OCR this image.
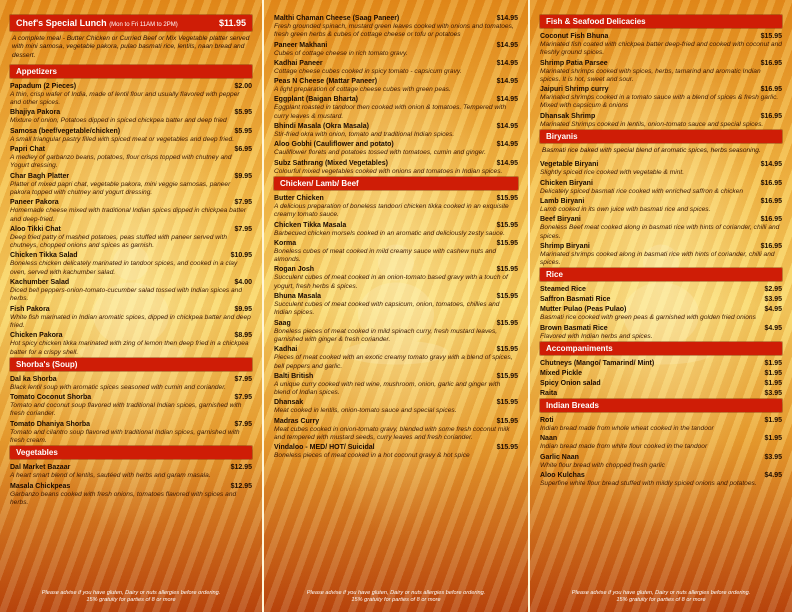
Chef's Special Lunch (Mon to Fri 11AM to 2PM)	$11.95
A complete meal - Butter Chicken or Curried Beef or Mix Vegetable platter served with mini samosa, vegetable pakora, pulao basmati rice, lentils, naan bread and dessert.
Appetizers
Papadum (2 Pieces)	$2.00
A thin, crisp wafer of India, made of lentil flour and usually flavored with pepper and other spices.
Bhajiya Pakora	$5.95
Mixture of onion, Potatoes dipped in spiced chickpea batter and deep fried
Samosa (beef/vegetable/chicken)	$5.95
A small triangular pastry filled with spiced meat or vegetables and deep fried.
Papri Chat	$6.95
A medley of garbanzo beans, potatoes, flour crisps topped with chutney and Yogurt dressing.
Char Bagh Platter	$9.95
Platter of mixed papri chat, vegetable pakora, mini veggie samosas, paneer pakora topped with chutney and yogurt dressing.
Paneer Pakora	$7.95
Homemade cheese mixed with traditional Indian spices dipped in chickpea batter and deep-fried.
Aloo Tikki Chat	$7.95
Deep fried patty of mashed potatoes, peas stuffed with paneer served with chutneys, chopped onions and spices as garnish.
Chicken Tikka Salad	$10.95
Boneless chicken delicately marinated in tandoor spices, and cooked in a clay oven, served with kachumber salad.
Kachumber Salad	$4.00
Diced bell peppers-onion-tomato-cucumber salad tossed with Indian spices and herbs.
Fish Pakora	$9.95
White fish marinated in Indian aromatic spices, dipped in chickpea batter and deep fried.
Chicken Pakora	$8.95
Hot spicy chicken tikka marinated with zing of lemon then deep fried in a chickpea batter for a crispy shell.
Shorba's (Soup)
Dal ka Shorba	$7.95
Black lentil soup with aromatic spices seasoned with cumin and coriander.
Tomato Coconut Shorba	$7.95
Tomato and coconut soup flavored with traditional Indian spices, garnished with fresh coriander.
Tomato Dhaniya Shorba	$7.95
Tomato and cilantro soup flavored with traditional Indian spices, garnished with fresh cream.
Vegetables
Dal Market Bazaar	$12.95
A heart smart blend of lentils, sautéed with herbs and garam masala.
Masala Chickpeas	$12.95
Garbanzo beans cooked with fresh onions, tomatoes flavored with spices and herbs.
Please advise if you have gluten, Dairy or nuts allergies before ordering.
15% gratuity for parties of 8 or more
Malthi Chaman Cheese (Saag Paneer)	$14.95
Fresh grounded spinach, mustard green leaves cooked with onions and tomatoes, fresh green herbs & cubes of cottage cheese or tofu or potatoes
Paneer Makhani	$14.95
Cubes of cottage cheese in rich tomato gravy.
Kadhai Paneer	$14.95
Cottage cheese cubes cooked in spicy tomato - capsicum gravy.
Peas N Cheese (Mattar Paneer)	$14.95
A light preparation of cottage cheese cubes with green peas.
Eggplant (Baigan Bharta)	$14.95
Eggplant roasted in tandoor then cooked with onion & tomatoes. Tempered with curry leaves & mustard.
Bhindi Masala (Okra Masala)	$14.95
Stir-fried okra with onion, tomato and traditional Indian spices.
Aloo Gobhi (Cauliflower and potato)	$14.95
Cauliflower florets and potatoes tossed with tomatoes, cumin and ginger.
Subz Sathrang (Mixed Vegetables)	$14.95
Colourful mixed vegetables cooked with onions and tomatoes in Indian spices.
Chicken/ Lamb/ Beef
Butter Chicken	$15.95
A delicious preparation of boneless tandoori chicken tikka cooked in an exquisite creamy tomato sauce.
Chicken Tikka Masala	$15.95
Barbecued chicken morsels cooked in an aromatic and deliciously zesty sauce.
Korma	$15.95
Boneless cubes of meat cooked in mild creamy sauce with cashew nuts and almonds.
Rogan Josh	$15.95
Succulent cubes of meat cooked in an onion-tomato based gravy with a touch of yogurt, fresh herbs & spices.
Bhuna Masala	$15.95
Succulent cubes of meat cooked with capsicum, onion, tomatoes, chillies and Indian spices.
Saag	$15.95
Boneless pieces of meat cooked in mild spinach curry, fresh mustard leaves, garnished with ginger & fresh coriander.
Kadhai	$15.95
Pieces of meat cooked with an exotic creamy tomato gravy with a blend of spices, bell peppers and garlic.
Balti British	$15.95
A unique curry cooked with red wine, mushroom, onion, garlic and ginger with blend of Indian spices.
Dhansak	$15.95
Meat cooked in lentils, onion-tomato sauce and special spices.
Madras Curry	$15.95
Meat cubes cooked in onion-tomato gravy, blended with some fresh coconut milk and tempered with mustard seeds, curry leaves and fresh coriander.
Vindaloo - MED/ HOT/ Suicidal	$15.95
Boneless pieces of meat cooked in a hot coconut gravy & hot spice
Please advise if you have gluten, Dairy or nuts allergies before ordering.
15% gratuity for parties of 8 or more
Fish & Seafood Delicacies
Coconut Fish Bhuna	$15.95
Marinated fish coated with chickpea batter deep-fried and cooked with coconut and freshly ground spices.
Shrimp Patia Parsee	$16.95
Marinated shrimps cooked with spices, herbs, tamarind and aromatic Indian spices. It is hot, sweet and sour.
Jaipuri Shrimp curry	$16.95
Marinated shrimps cooked in a tomato sauce with a blend of spices & fresh garlic. Mixed with capsicum & onions
Dhansak Shrimp	$16.95
Marinated Shrimps cooked in lentils, onion-tomato sauce and special spices.
Biryanis
Basmati rice baked with special blend of aromatic spices, herbs seasoning.
Vegetable Biryani	$14.95
Slightly spiced rice cooked with vegetable & mint.
Chicken Biryani	$16.95
Delicately spiced basmati rice cooked with enriched saffron & chicken
Lamb Biryani	$16.95
Lamb cooked in its own juice with basmati rice and spices.
Beef Biryani	$16.95
Boneless Beef meat cooked along in basmati rice with hints of coriander, chilli and spices.
Shrimp Biryani	$16.95
Marinated shrimps cooked along in basmati rice with hints of coriander, chilli and spices.
Rice
Steamed Rice	$2.95
Saffron Basmati Rice	$3.95
Mutter Pulao (Peas Pulao)	$4.95
Basmati rice cooked with green peas & garnished with golden fried onions
Brown Basmati Rice	$4.95
Flavored with Indian herbs and spices.
Accompaniments
Chutneys (Mango/ Tamarind/ Mint)	$1.95
Mixed Pickle	$1.95
Spicy Onion salad	$1.95
Raita	$3.95
Indian Breads
Roti	$1.95
Indian bread made from whole wheat cooked in the tandoor
Naan	$1.95
Indian bread made from white flour cooked in the tandoor
Garlic Naan	$3.95
White flour bread with chopped fresh garlic
Aloo Kulchas	$4.95
Superfine white flour bread stuffed with mildly spiced onions and potatoes.
Please advise if you have gluten, Dairy or nuts allergies before ordering.
15% gratuity for parties of 8 or more
